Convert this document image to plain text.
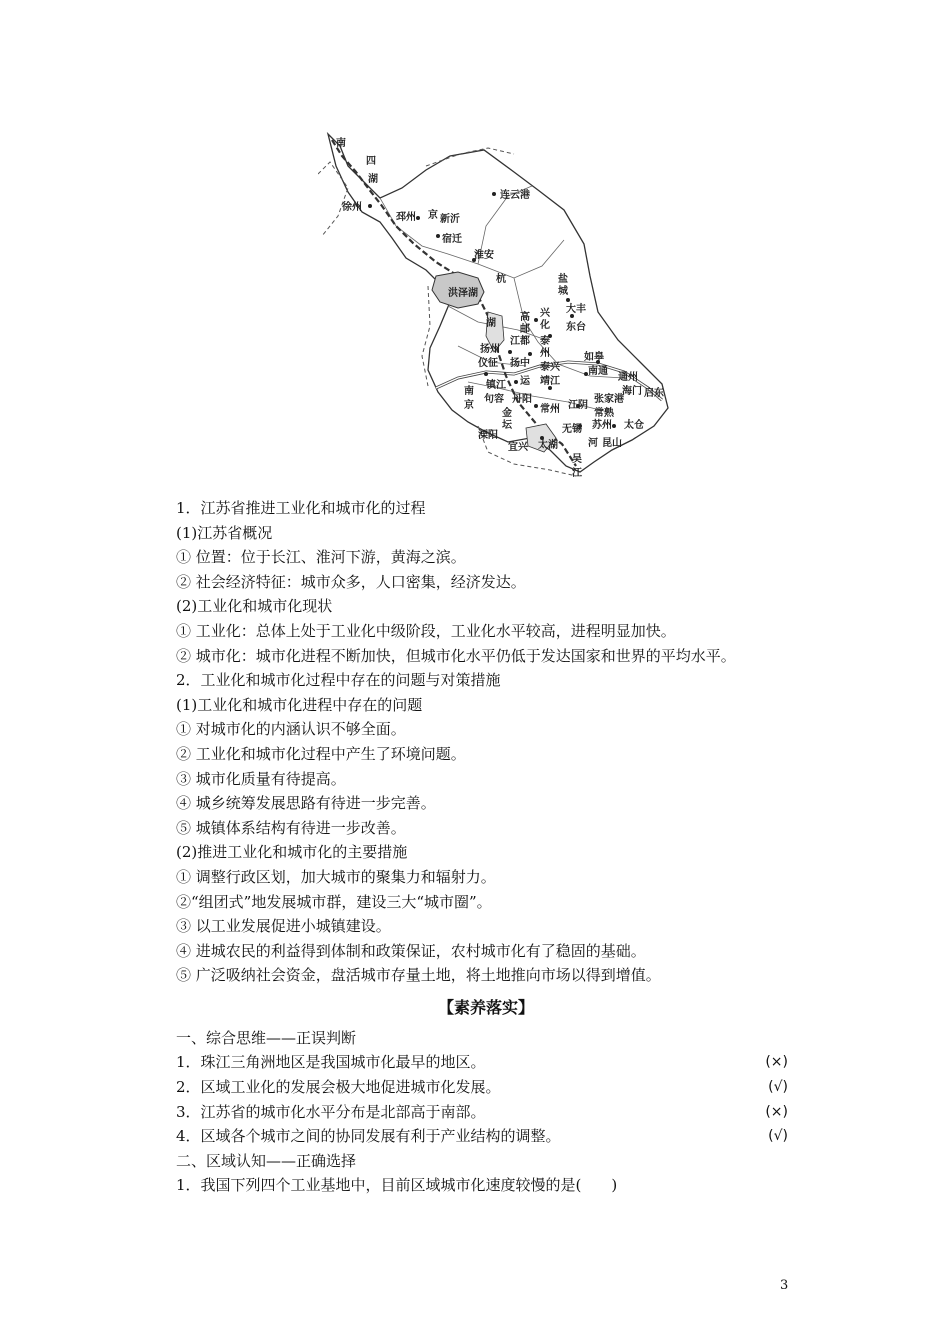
南
四
湖
连云港
徐州
邳州 京 新沂
宿迁
淮安
杭
洪泽湖
盐
城
大丰
东台
兴
化
高
邮
湖
江都 泰
州
扬州
仪征 扬中 泰兴
如皋
南通
通州
海门 启东
镇江 运 靖江
南
京
句容 丹阳
常州 江阴
张家港
常熟
金
坛
溧阳
宜兴
无锡 苏州 太仓
太湖	河 昆山
吴
江
1．江苏省推进工业化和城市化的过程
(1)江苏省概况
① 位置：位于长江、淮河下游，黄海之滨。
② 社会经济特征：城市众多，人口密集，经济发达。
(2)工业化和城市化现状
① 工业化：总体上处于工业化中级阶段，工业化水平较高，进程明显加快。
② 城市化：城市化进程不断加快，但城市化水平仍低于发达国家和世界的平均水平。
2．工业化和城市化过程中存在的问题与对策措施
(1)工业化和城市化进程中存在的问题
① 对城市化的内涵认识不够全面。
② 工业化和城市化过程中产生了环境问题。
③ 城市化质量有待提高。
④ 城乡统筹发展思路有待进一步完善。
⑤ 城镇体系结构有待进一步改善。
(2)推进工业化和城市化的主要措施
① 调整行政区划，加大城市的聚集力和辐射力。
②“组团式”地发展城市群，建设三大“城市圈”。
③ 以工业发展促进小城镇建设。
④ 进城农民的利益得到体制和政策保证，农村城市化有了稳固的基础。
⑤ 广泛吸纳社会资金，盘活城市存量土地，将土地推向市场以得到增值。
【素养落实】
一、综合思维——正误判断
1．珠江三角洲地区是我国城市化最早的地区。	(×)
2．区域工业化的发展会极大地促进城市化发展。	(√)
3．江苏省的城市化水平分布是北部高于南部。	(×)
4．区域各个城市之间的协同发展有利于产业结构的调整。	(√)
二、区域认知——正确选择
1．我国下列四个工业基地中，目前区域城市化速度较慢的是(　　)
3
